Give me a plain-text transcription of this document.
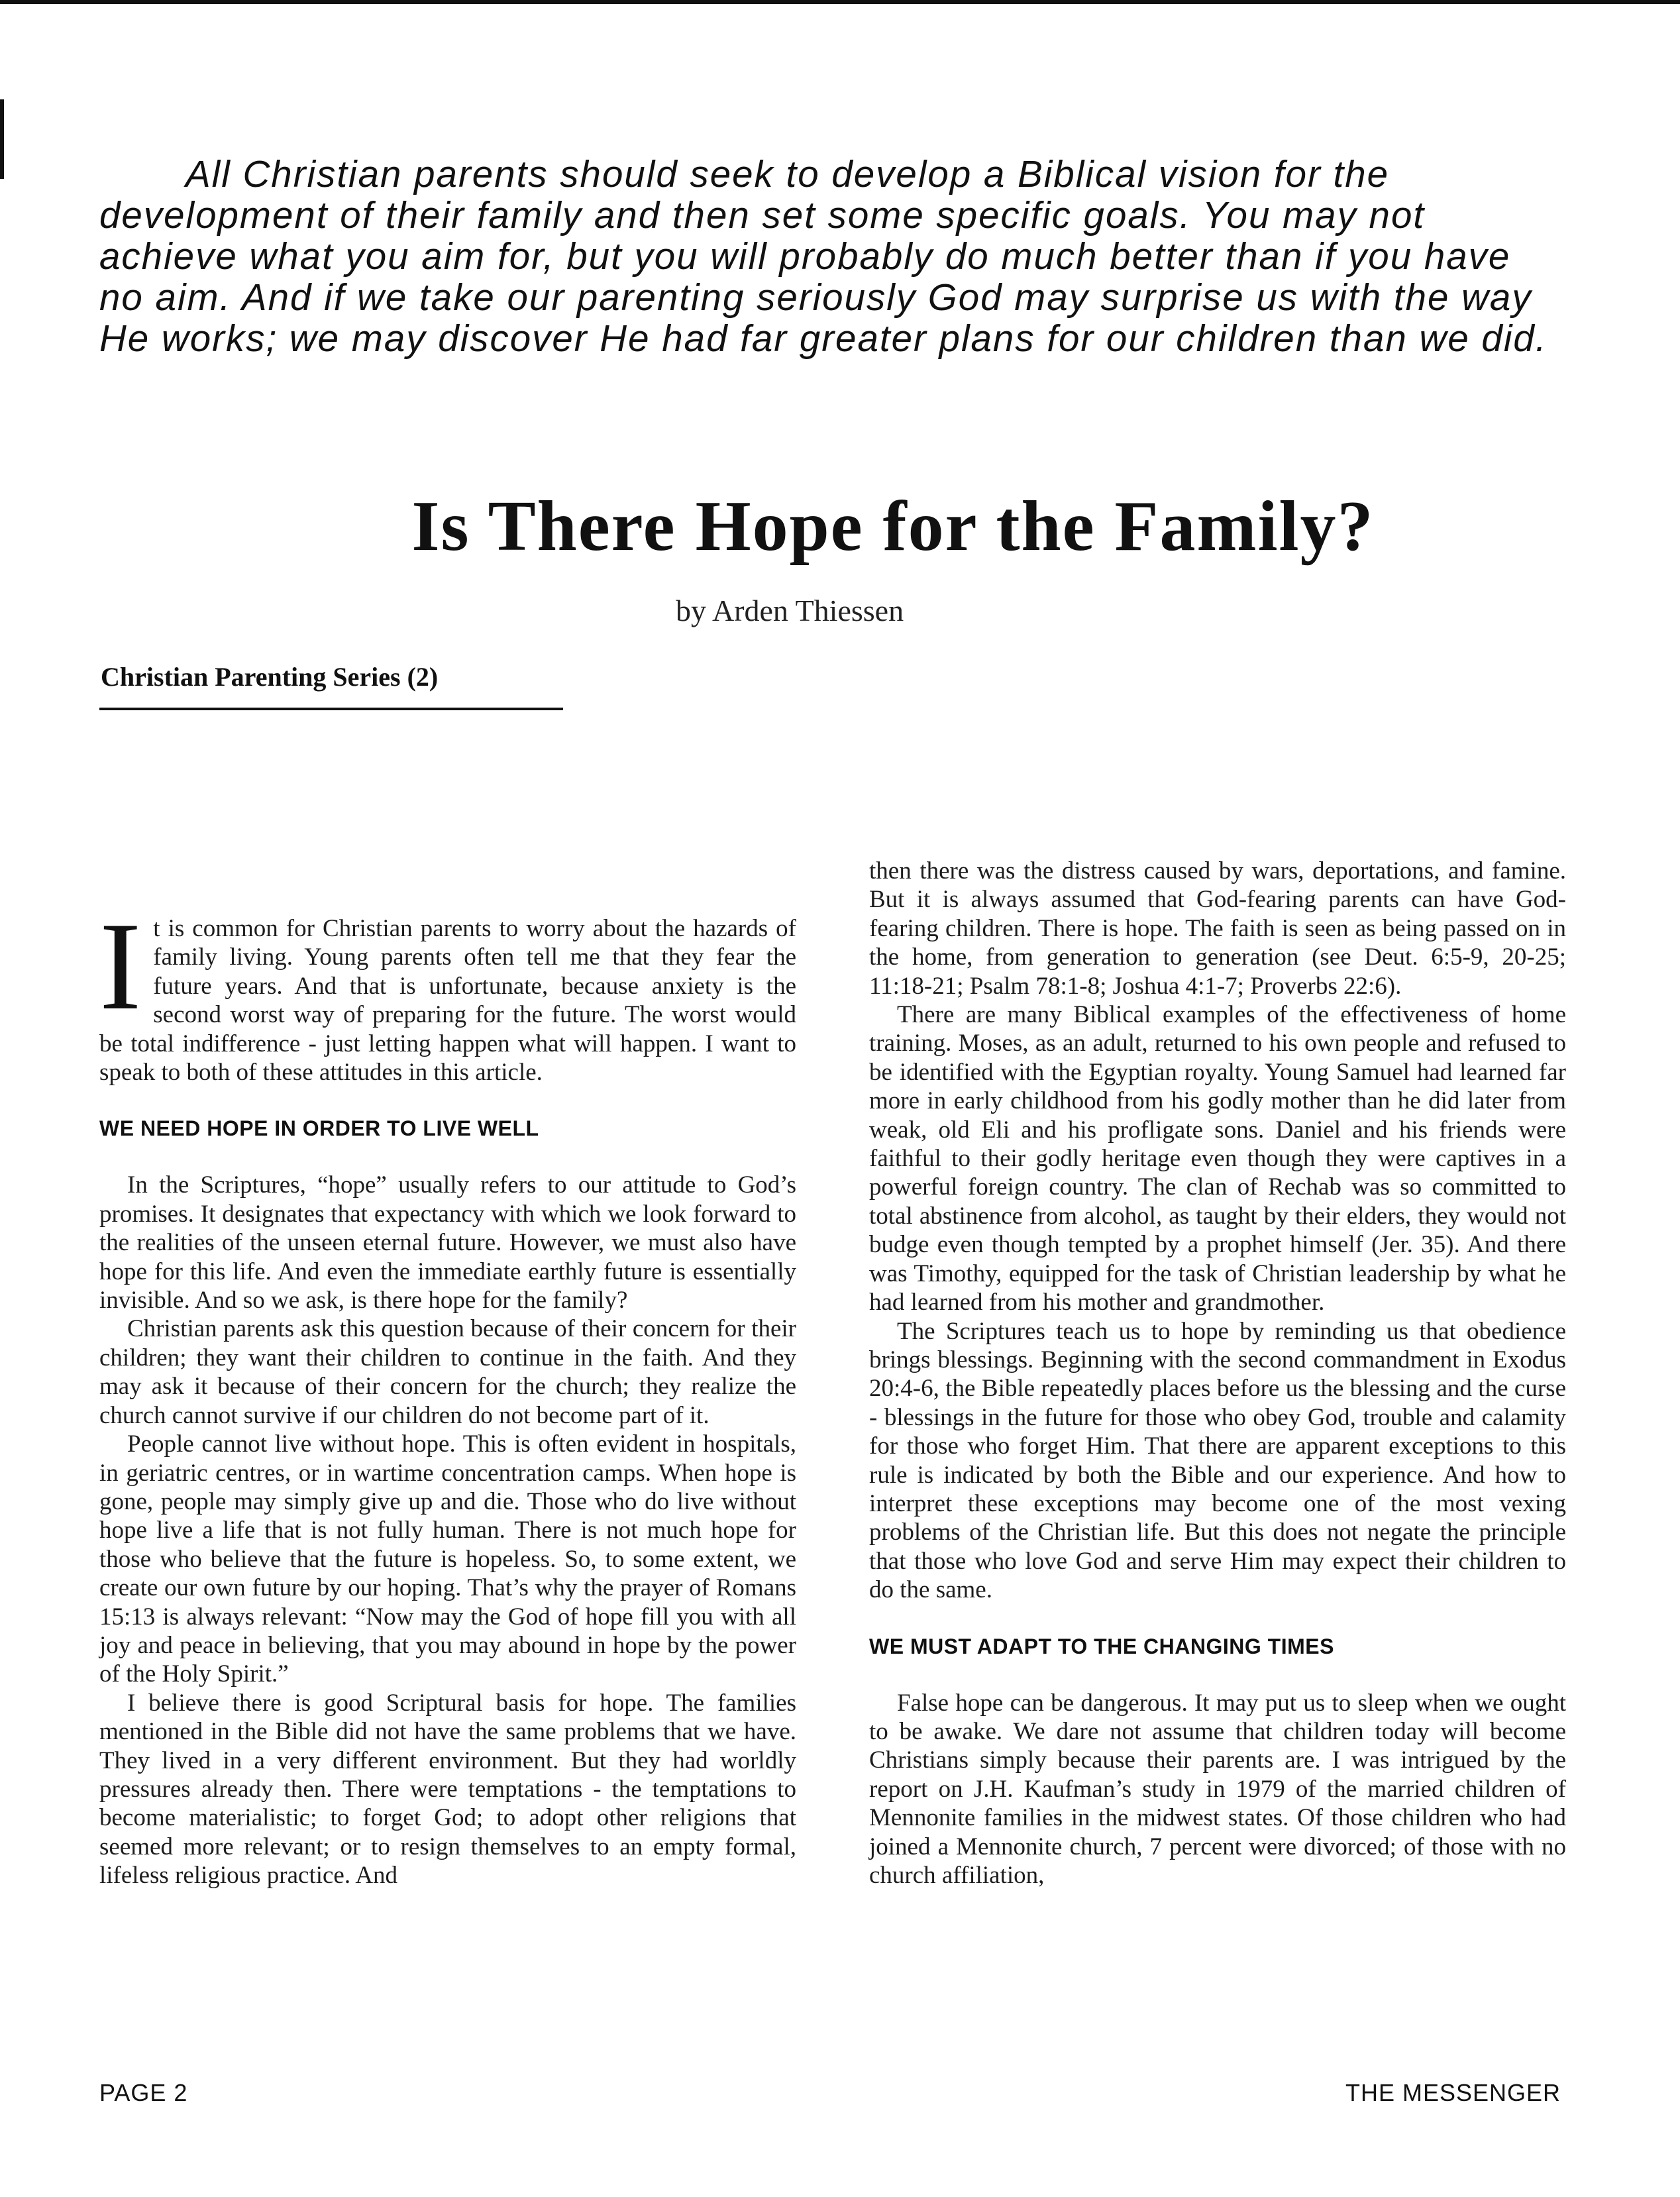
All Christian parents should seek to develop a Biblical vision for the development of their family and then set some specific goals. You may not achieve what you aim for, but you will probably do much better than if you have no aim. And if we take our parenting seriously God may surprise us with the way He works; we may discover He had far greater plans for our children than we did.

Is There Hope for the Family?

by Arden Thiessen

Christian Parenting Series (2)

It is common for Christian parents to worry about the hazards of family living. Young parents often tell me that they fear the future years. And that is unfortunate, because anxiety is the second worst way of preparing for the future. The worst would be total indifference - just letting happen what will happen. I want to speak to both of these attitudes in this article.

WE NEED HOPE IN ORDER TO LIVE WELL

In the Scriptures, “hope” usually refers to our attitude to God’s promises. It designates that expectancy with which we look forward to the realities of the unseen eternal future. However, we must also have hope for this life. And even the immediate earthly future is essentially invisible. And so we ask, is there hope for the family?

Christian parents ask this question because of their concern for their children; they want their children to continue in the faith. And they may ask it because of their concern for the church; they realize the church cannot survive if our children do not become part of it.

People cannot live without hope. This is often evident in hospitals, in geriatric centres, or in wartime concentration camps. When hope is gone, people may simply give up and die. Those who do live without hope live a life that is not fully human. There is not much hope for those who believe that the future is hopeless. So, to some extent, we create our own future by our hoping. That’s why the prayer of Romans 15:13 is always relevant: “Now may the God of hope fill you with all joy and peace in believing, that you may abound in hope by the power of the Holy Spirit.”

I believe there is good Scriptural basis for hope. The families mentioned in the Bible did not have the same problems that we have. They lived in a very different environment. But they had worldly pressures already then. There were temptations - the temptations to become materialistic; to forget God; to adopt other religions that seemed more relevant; or to resign themselves to an empty formal, lifeless religious practice. And

then there was the distress caused by wars, deportations, and famine. But it is always assumed that God-fearing parents can have God-fearing children. There is hope. The faith is seen as being passed on in the home, from generation to generation (see Deut. 6:5-9, 20-25; 11:18-21; Psalm 78:1-8; Joshua 4:1-7; Proverbs 22:6).

There are many Biblical examples of the effectiveness of home training. Moses, as an adult, returned to his own people and refused to be identified with the Egyptian royalty. Young Samuel had learned far more in early childhood from his godly mother than he did later from weak, old Eli and his profligate sons. Daniel and his friends were faithful to their godly heritage even though they were captives in a powerful foreign country. The clan of Rechab was so committed to total abstinence from alcohol, as taught by their elders, they would not budge even though tempted by a prophet himself (Jer. 35). And there was Timothy, equipped for the task of Christian leadership by what he had learned from his mother and grandmother.

The Scriptures teach us to hope by reminding us that obedience brings blessings. Beginning with the second commandment in Exodus 20:4-6, the Bible repeatedly places before us the blessing and the curse - blessings in the future for those who obey God, trouble and calamity for those who forget Him. That there are apparent exceptions to this rule is indicated by both the Bible and our experience. And how to interpret these exceptions may become one of the most vexing problems of the Christian life. But this does not negate the principle that those who love God and serve Him may expect their children to do the same.

WE MUST ADAPT TO THE CHANGING TIMES

False hope can be dangerous. It may put us to sleep when we ought to be awake. We dare not assume that children today will become Christians simply because their parents are. I was intrigued by the report on J.H. Kaufman’s study in 1979 of the married children of Mennonite families in the midwest states. Of those children who had joined a Mennonite church, 7 percent were divorced; of those with no church affiliation,

PAGE 2	THE MESSENGER
